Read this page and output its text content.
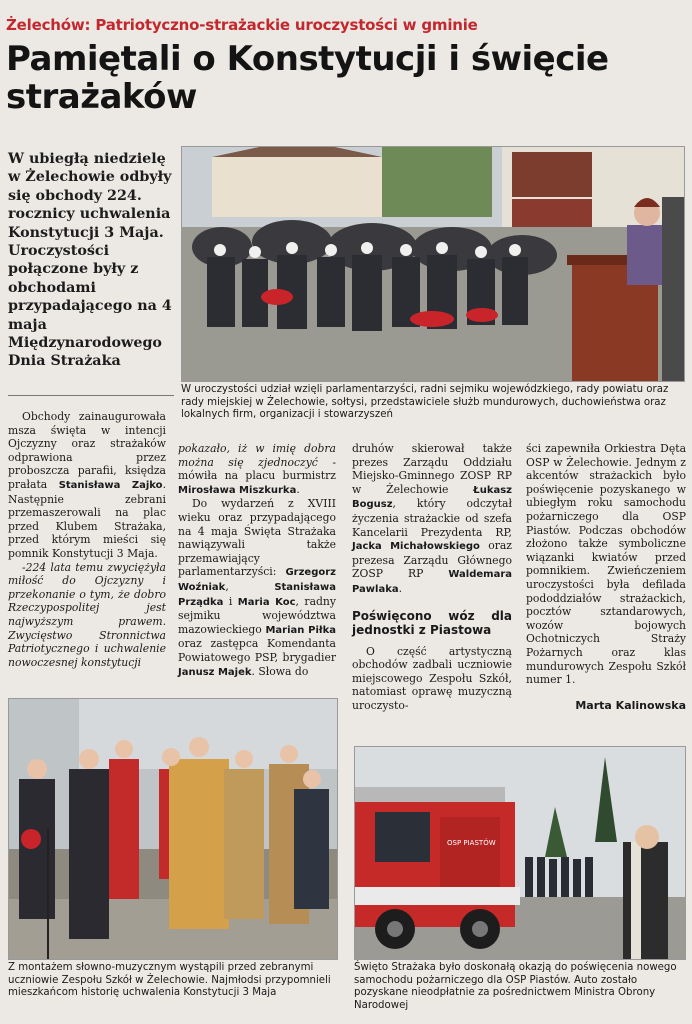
Żelechów: Patriotyczno-strażackie uroczystości w gminie
Pamiętali o Konstytucji i święcie strażaków
W ubiegłą niedzielę w Żelechowie odbyły się obchody 224. rocznicy uchwalenia Konstytucji 3 Maja. Uroczystości połączone były z obchodami przypadającego na 4 maja Międzynarodowego Dnia Strażaka
W uroczystości udział wzięli parlamentarzyści, radni sejmiku wojewódzkiego, rady powiatu oraz rady miejskiej w Żelechowie, sołtysi, przedstawiciele służb mundurowych, duchowieństwa oraz lokalnych firm, organizacji i stowarzyszeń

Obchody zainaugurowała msza święta w intencji Ojczyzny oraz strażaków odprawiona przez proboszcza parafii, księdza prałata Stanisława Zajko. Następnie zebrani przemaszerowali na plac przed Klubem Strażaka, przed którym mieści się pomnik Konstytucji 3 Maja.

-224 lata temu zwyciężyła miłość do Ojczyzny i przekonanie o tym, że dobro Rzeczypospolitej jest najwyższym prawem. Zwycięstwo Stronnictwa Patriotycznego i uchwalenie nowoczesnej konstytucji

pokazało, iż w imię dobra można się zjednoczyć -mówiła na placu burmistrz Mirosława Miszkurka.

Do wydarzeń z XVIII wieku oraz przypadającego na 4 maja Święta Strażaka nawiązywali także przemawiający parlamentarzyści: Grzegorz Woźniak, Stanisława Prządka i Maria Koc, radny sejmiku województwa mazowieckiego Marian Piłka oraz zastępca Komendanta Powiatowego PSP, brygadier Janusz Majek. Słowa do

druhów skierował także prezes Zarządu Oddziału Miejsko-Gminnego ZOSP RP w Żelechowie Łukasz Bogusz, który odczytał życzenia strażackie od szefa Kancelarii Prezydenta RP, Jacka Michałowskiego oraz prezesa Zarządu Głównego ZOSP RP Waldemara Pawlaka.

Poświęcono wóz dla jednostki z Piastowa

O część artystyczną obchodów zadbali uczniowie miejscowego Zespołu Szkół, natomiast oprawę muzyczną uroczysto-

ści zapewniła Orkiestra Dęta OSP w Żelechowie. Jednym z akcentów strażackich było poświęcenie pozyskanego w ubiegłym roku samochodu pożarniczego dla OSP Piastów. Podczas obchodów złożono także symboliczne wiązanki kwiatów przed pomnikiem. Zwieńczeniem uroczystości była defilada pododdziałów strażackich, pocztów sztandarowych, wozów bojowych Ochotniczych Straży Pożarnych oraz klas mundurowych Zespołu Szkół numer 1.

Marta Kalinowska
Z montażem słowno-muzycznym wystąpili przed zebranymi uczniowie Zespołu Szkół w Żelechowie. Najmłodsi przypomnieli mieszkańcom historię uchwalenia Konstytucji 3 Maja
OSP PIASTÓW
Święto Strażaka było doskonałą okazją do poświęcenia nowego samochodu pożarniczego dla OSP Piastów. Auto zostało pozyskane nieodpłatnie za pośrednictwem Ministra Obrony Narodowej
